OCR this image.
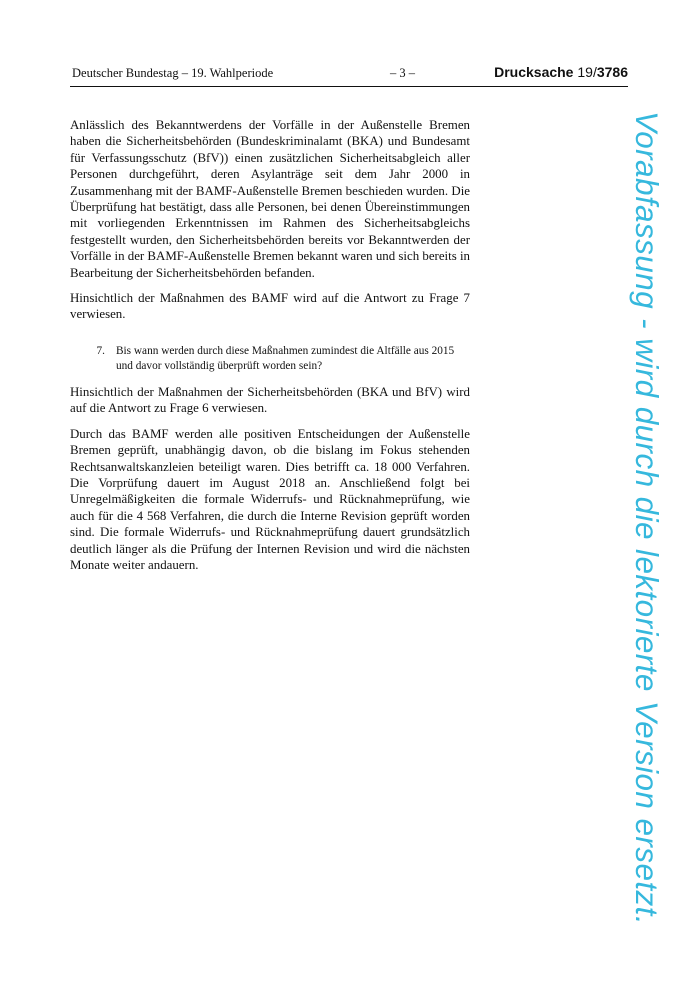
Deutscher Bundestag – 19. Wahlperiode	– 3 –	Drucksache 19/3786

Anlässlich des Bekanntwerdens der Vorfälle in der Außenstelle Bremen haben die Sicherheitsbehörden (Bundeskriminalamt (BKA) und Bundesamt für Verfassungsschutz (BfV)) einen zusätzlichen Sicherheitsabgleich aller Personen durchgeführt, deren Asylanträge seit dem Jahr 2000 in Zusammenhang mit der BAMF-Außenstelle Bremen beschieden wurden. Die Überprüfung hat bestätigt, dass alle Personen, bei denen Übereinstimmungen mit vorliegenden Erkenntnissen im Rahmen des Sicherheitsabgleichs festgestellt wurden, den Sicherheitsbehörden bereits vor Bekanntwerden der Vorfälle in der BAMF-Außenstelle Bremen bekannt waren und sich bereits in Bearbeitung der Sicherheitsbehörden befanden.

Hinsichtlich der Maßnahmen des BAMF wird auf die Antwort zu Frage 7 verwiesen.

7. Bis wann werden durch diese Maßnahmen zumindest die Altfälle aus 2015 und davor vollständig überprüft worden sein?

Hinsichtlich der Maßnahmen der Sicherheitsbehörden (BKA und BfV) wird auf die Antwort zu Frage 6 verwiesen.

Durch das BAMF werden alle positiven Entscheidungen der Außenstelle Bremen geprüft, unabhängig davon, ob die bislang im Fokus stehenden Rechtsanwaltskanzleien beteiligt waren. Dies betrifft ca. 18 000 Verfahren. Die Vorprüfung dauert im August 2018 an. Anschließend folgt bei Unregelmäßigkeiten die formale Widerrufs- und Rücknahmeprüfung, wie auch für die 4 568 Verfahren, die durch die Interne Revision geprüft worden sind. Die formale Widerrufs- und Rücknahmeprüfung dauert grundsätzlich deutlich länger als die Prüfung der Internen Revision und wird die nächsten Monate weiter andauern.	Vorabfassung - wird durch die lektorierte Version ersetzt.
